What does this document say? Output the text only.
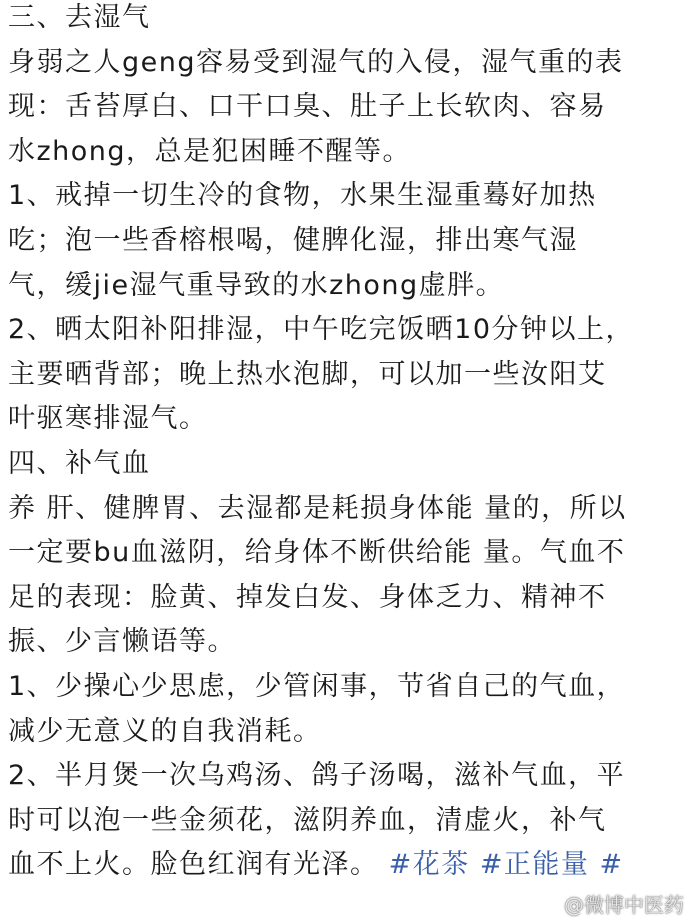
三、去湿气
身弱之人geng容易受到湿气的入侵，湿气重的表
现：舌苔厚白、口干口臭、肚子上长软肉、容易
水zhong，总是犯困睡不醒等。
1、戒掉一切生冷的食物，水果生湿重蓦好加热
吃；泡一些香榕根喝，健脾化湿，排出寒气湿
气，缓jie湿气重导致的水zhong虚胖。
2、晒太阳补阳排湿，中午吃完饭晒10分钟以上，
主要晒背部；晚上热水泡脚，可以加一些汝阳艾
叶驱寒排湿气。
四、补气血
养 肝、健脾胃、去湿都是耗损身体能 量的，所以
一定要bu血滋阴，给身体不断供给能 量。气血不
足的表现：脸黄、掉发白发、身体乏力、精神不
振、少言懒语等。
1、少操心少思虑，少管闲事，节省自己的气血，
减少无意义的自我消耗。
2、半月煲一次乌鸡汤、鸽子汤喝，滋补气血，平
时可以泡一些金须花，滋阴养血，清虚火，补气
血不上火。脸色红润有光泽。 #花茶 #正能量 #
@微博中医药
